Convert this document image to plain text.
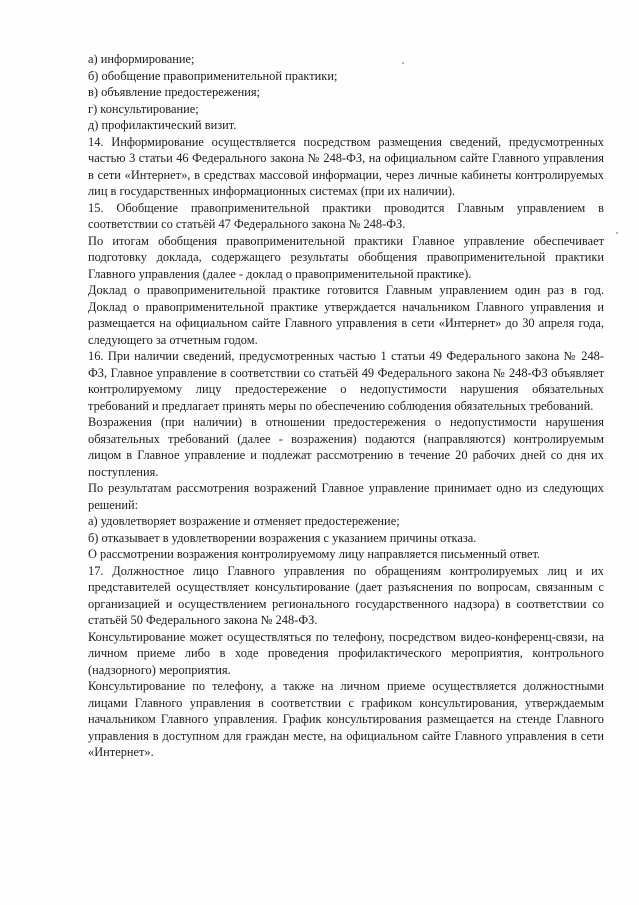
а) информирование;

б) обобщение правоприменительной практики;

в) объявление предостережения;

г) консультирование;

д) профилактический визит.

14. Информирование осуществляется посредством размещения сведений, предусмотренных частью 3 статьи 46 Федерального закона № 248-ФЗ, на официальном сайте Главного управления в сети «Интернет», в средствах массовой информации, через личные кабинеты контролируемых лиц в государственных информационных системах (при их наличии).

15. Обобщение правоприменительной практики проводится Главным управлением в соответствии со статьёй 47 Федерального закона № 248-ФЗ.

По итогам обобщения правоприменительной практики Главное управление обеспечивает подготовку доклада, содержащего результаты обобщения правоприменительной практики Главного управления (далее - доклад о правоприменительной практике).

Доклад о правоприменительной практике готовится Главным управлением один раз в год. Доклад о правоприменительной практике утверждается начальником Главного управления и размещается на официальном сайте Главного управления в сети «Интернет» до 30 апреля года, следующего за отчетным годом.

16. При наличии сведений, предусмотренных частью 1 статьи 49 Федерального закона № 248-ФЗ, Главное управление в соответствии со статьёй 49 Федерального закона № 248-ФЗ объявляет контролируемому лицу предостережение о недопустимости нарушения обязательных требований и предлагает принять меры по обеспечению соблюдения обязательных требований.

Возражения (при наличии) в отношении предостережения о недопустимости нарушения обязательных требований (далее - возражения) подаются (направляются) контролируемым лицом в Главное управление и подлежат рассмотрению в течение 20 рабочих дней со дня их поступления.

По результатам рассмотрения возражений Главное управление принимает одно из следующих решений:

а) удовлетворяет возражение и отменяет предостережение;

б) отказывает в удовлетворении возражения с указанием причины отказа.

О рассмотрении возражения контролируемому лицу направляется письменный ответ.

17. Должностное лицо Главного управления по обращениям контролируемых лиц и их представителей осуществляет консультирование (дает разъяснения по вопросам, связанным с организацией и осуществлением регионального государственного надзора) в соответствии со статьёй 50 Федерального закона № 248-ФЗ.

Консультирование может осуществляться по телефону, посредством видео-конференц-связи, на личном приеме либо в ходе проведения профилактического мероприятия, контрольного (надзорного) мероприятия.

Консультирование по телефону, а также на личном приеме осуществляется должностными лицами Главного управления в соответствии с графиком консультирования, утверждаемым начальником Главного управления. График консультирования размещается на стенде Главного управления в доступном для граждан месте, на официальном сайте Главного управления в сети «Интернет».
